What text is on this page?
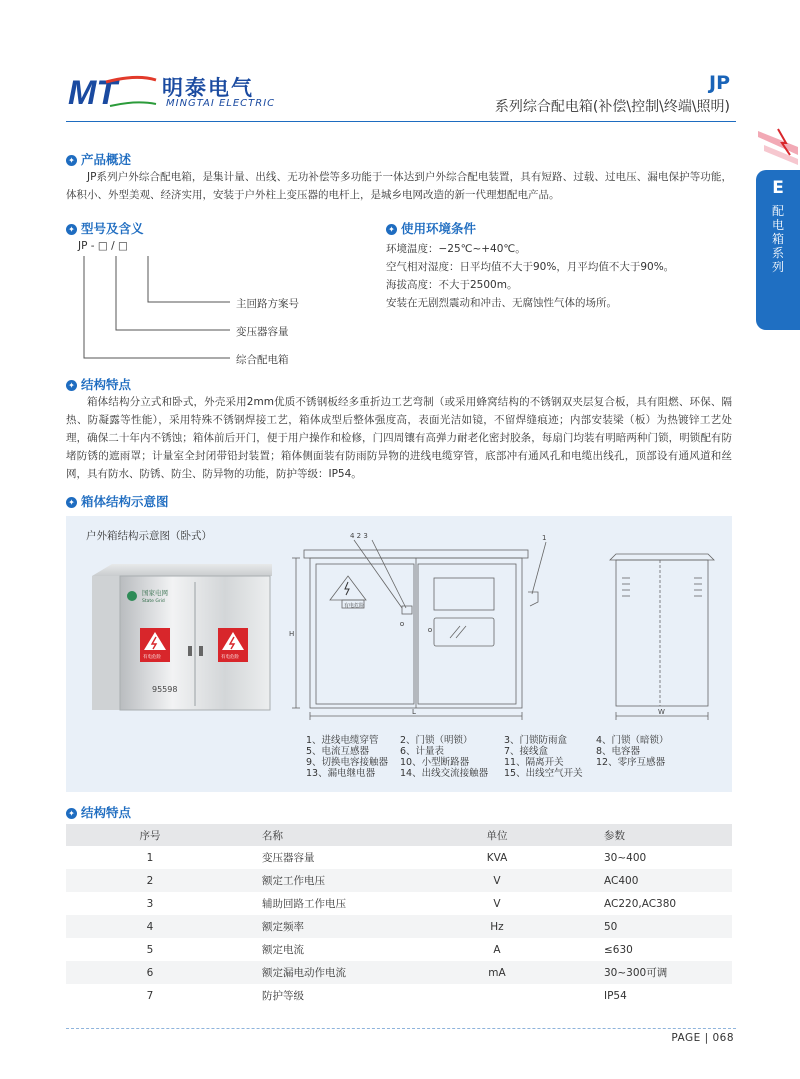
MT 明泰电气
MINGTAI ELECTRIC
JP
系列综合配电箱(补偿\控制\终端\照明)
E
配电箱系列
✦ 产品概述
JP系列户外综合配电箱，是集计量、出线、无功补偿等多功能于一体达到户外综合配电装置，具有短路、过载、过电压、漏电保护等功能，体积小、外型美观、经济实用，安装于户外柱上变压器的电杆上，是城乡电网改造的新一代理想配电产品。
✦ 型号及含义
JP - □ / □
主回路方案号
变压器容量
综合配电箱
✦ 使用环境条件
环境温度：−25℃~+40℃。
空气相对湿度：日平均值不大于90%，月平均值不大于90%。
海拔高度：不大于2500m。
安装在无剧烈震动和冲击、无腐蚀性气体的场所。
✦ 结构特点
箱体结构分立式和卧式，外壳采用2mm优质不锈钢板经多重折边工艺弯制（或采用蜂窝结构的不锈钢双夹层复合板，具有阻燃、环保、隔热、防凝露等性能），采用特殊不锈钢焊接工艺，箱体成型后整体强度高，表面光洁如镜，不留焊缝痕迹；内部安装梁（板）为热镀锌工艺处理，确保二十年内不锈蚀；箱体前后开门，便于用户操作和检修，门四周镶有高弹力耐老化密封胶条，每扇门均装有明暗两种门锁，明锁配有防堵防锈的遮雨罩；计量室全封闭带铅封装置；箱体侧面装有防雨防异物的进线电缆穿管，底部冲有通风孔和电缆出线孔，顶部设有通风道和丝网，具有防水、防锈、防尘、防异物的功能，防护等级：IP54。
✦ 箱体结构示意图
户外箱结构示意图（卧式）
国家电网
State Grid
有电危险	有电危险
95598
4 2 3	1
有电危险
H
L	W
1、进线电缆穿管
5、电流互感器
9、切换电容接触器
13、漏电继电器
2、门锁（明锁）
6、计量表
10、小型断路器
14、出线交流接触器
3、门锁防雨盒
7、接线盒
11、隔离开关
15、出线空气开关
4、门锁（暗锁）
8、电容器
12、零序互感器
✦ 结构特点
序号	名称	单位	参数
1	变压器容量	KVA	30~400
2	额定工作电压	V	AC400
3	辅助回路工作电压	V	AC220,AC380
4	额定频率	Hz	50
5	额定电流	A	≤630
6	额定漏电动作电流	mA	30~300可调
7	防护等级		IP54
PAGE | 068
